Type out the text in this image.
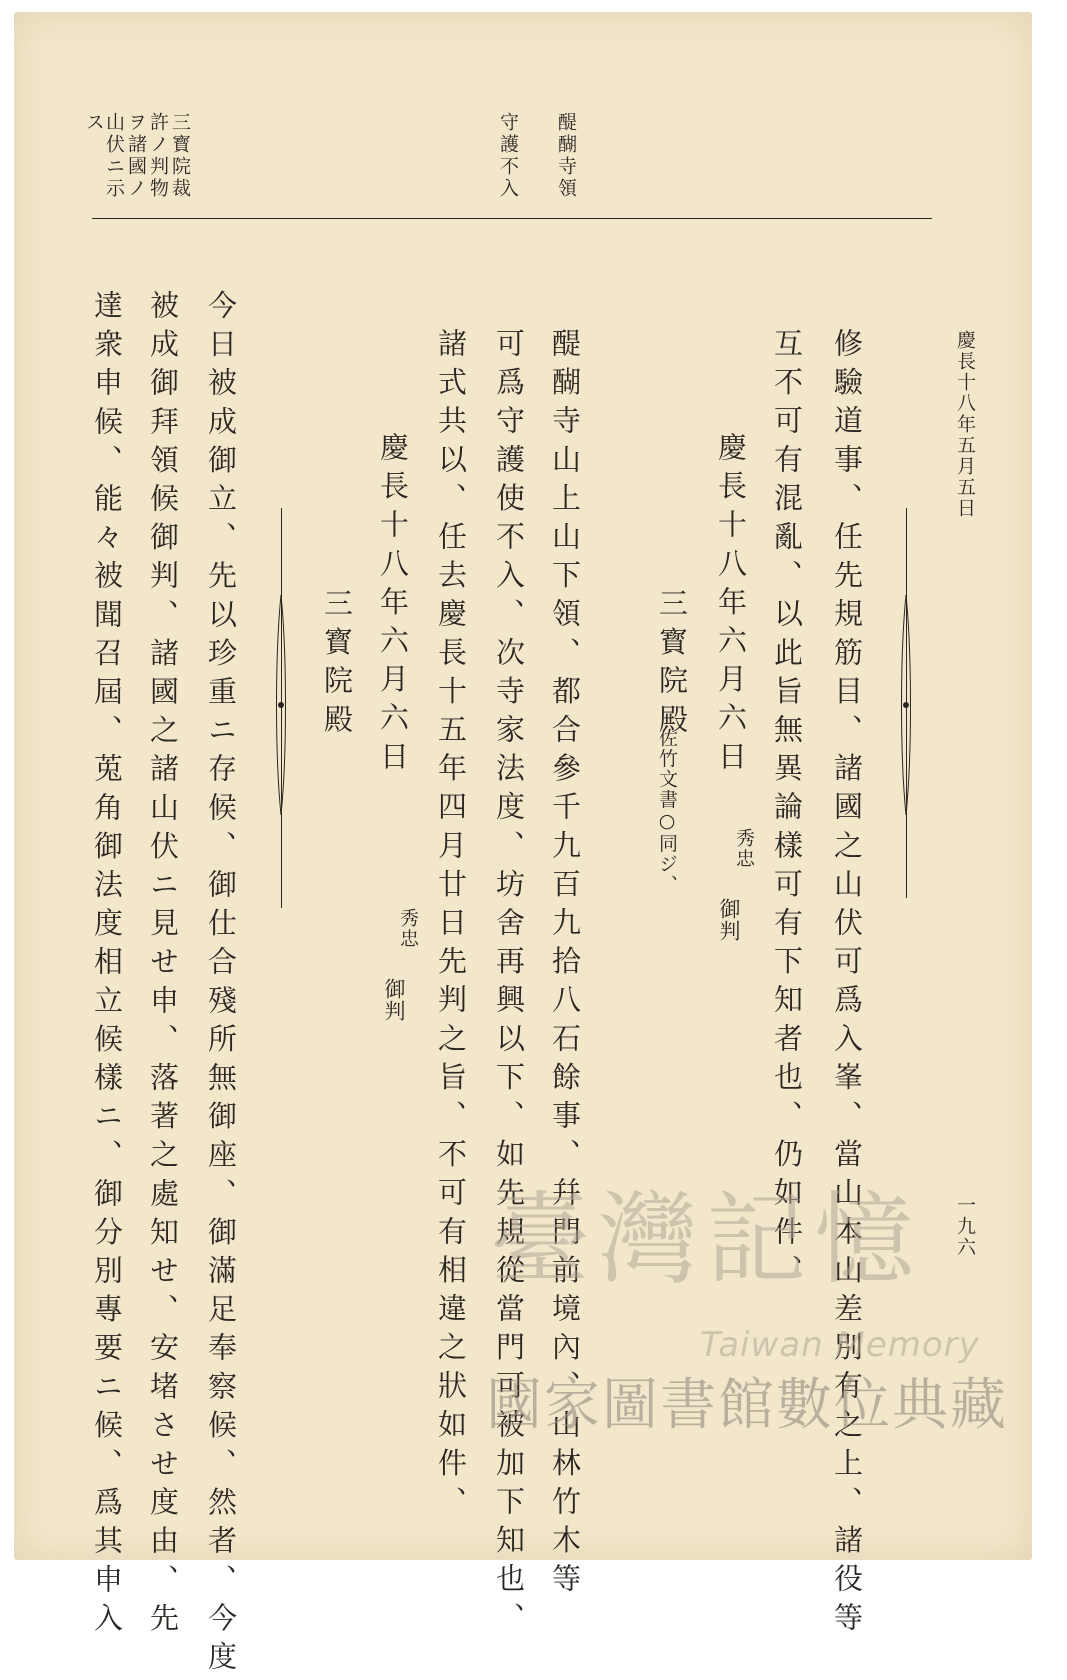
慶長十八年五月五日
一九六
三寳院裁
許ノ判物
ヲ諸國ノ
山伏ニ示
ス	醍醐寺領
守護不入
修驗道事、任先規筋目、諸國之山伏可爲入峯、當山本山差別有之上、諸役等
互不可有混亂、以此旨無異論樣可有下知者也、仍如件、
慶長十八年六月六日
秀忠
御判
三寳院殿
佐竹文書○同ジ、
醍醐寺山上山下領、都合參千九百九拾八石餘事、幷門前境內、山林竹木等
可爲守護使不入、次寺家法度、坊舍再興以下、如先規從當門可被加下知也、
諸式共以、任去慶長十五年四月廿日先判之旨、不可有相違之狀如件、
慶長十八年六月六日
秀忠
御判
三寳院殿
今日被成御立、先以珍重ニ存候、御仕合殘所無御座、御滿足奉察候、然者、今度
被成御拜領候御判、諸國之諸山伏ニ見せ申、落著之處知せ、安堵させ度由、先
達衆申候、能々被聞召屆、莵角御法度相立候樣ニ、御分別專要ニ候、爲其申入	臺灣記憶
Taiwan Memory
國家圖書館數位典藏
